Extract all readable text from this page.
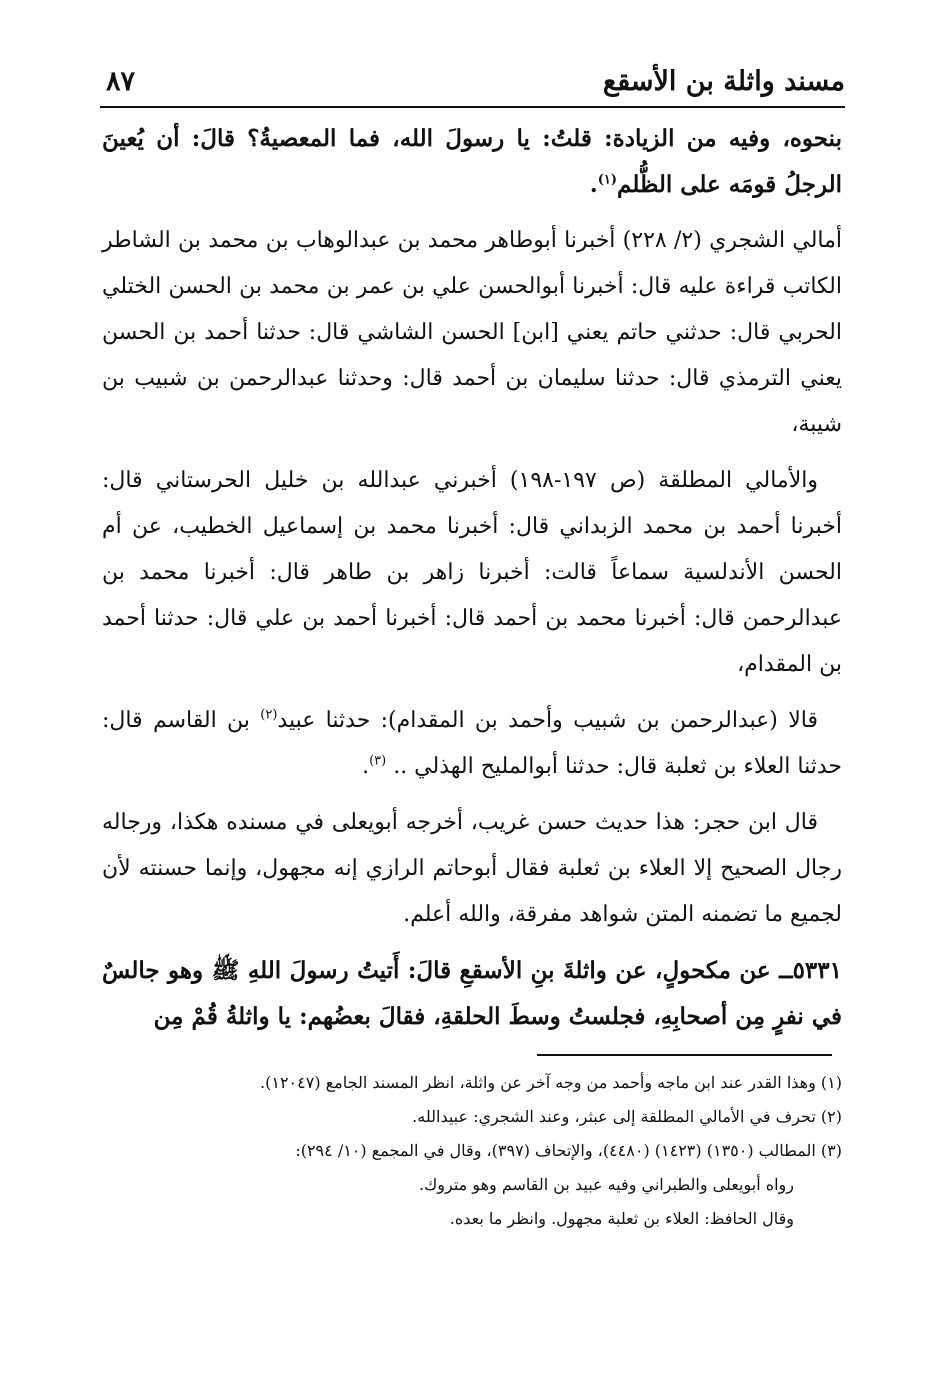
مسند واثلة بن الأسقع
٨٧

بنحوه، وفيه من الزيادة: قلتُ: يا رسولَ الله، فما المعصيةُ؟ قالَ: أن يُعينَ الرجلُ قومَه على الظُّلم$^{(١)}$.

أمالي الشجري (٢/ ٢٢٨) أخبرنا أبوطاهر محمد بن عبدالوهاب بن محمد بن الشاطر الكاتب قراءة عليه قال: أخبرنا أبوالحسن علي بن عمر بن محمد بن الحسن الختلي الحربي قال: حدثني حاتم يعني [ابن] الحسن الشاشي قال: حدثنا أحمد بن الحسن يعني الترمذي قال: حدثنا سليمان بن أحمد قال: وحدثنا عبدالرحمن بن شبيب بن شيبة،

والأمالي المطلقة (ص ١٩٧-١٩٨) أخبرني عبدالله بن خليل الحرستاني قال: أخبرنا أحمد بن محمد الزبداني قال: أخبرنا محمد بن إسماعيل الخطيب، عن أم الحسن الأندلسية سماعاً قالت: أخبرنا زاهر بن طاهر قال: أخبرنا محمد بن عبدالرحمن قال: أخبرنا محمد بن أحمد قال: أخبرنا أحمد بن علي قال: حدثنا أحمد بن المقدام،

قالا (عبدالرحمن بن شبيب وأحمد بن المقدام): حدثنا عبيد$^{(٢)}$ بن القاسم قال: حدثنا العلاء بن ثعلبة قال: حدثنا أبوالمليح الهذلي .. $^{(٣)}$.

قال ابن حجر: هذا حديث حسن غريب، أخرجه أبويعلى في مسنده هكذا، ورجاله رجال الصحيح إلا العلاء بن ثعلبة فقال أبوحاتم الرازي إنه مجهول، وإنما حسنته لأن لجميع ما تضمنه المتن شواهد مفرقة، والله أعلم.

٥٣٣١ــ عن مكحولٍ، عن واثلةَ بنِ الأسقعِ قالَ: أَتيتُ رسولَ اللهِ ﷺ وهو جالسٌ في نفرٍ مِن أصحابِهِ، فجلستُ وسطَ الحلقةِ، فقالَ بعضُهم: يا واثلةُ قُمْ مِن

(١) وهذا القدر عند ابن ماجه وأحمد من وجه آخر عن واثلة، انظر المسند الجامع (١٢٠٤٧).
(٢) تحرف في الأمالي المطلقة إلى عبثر، وعند الشجري: عبيدالله.
(٣) المطالب (١٣٥٠) (١٤٢٣) (٤٤٨٠)، والإتحاف (٣٩٧)، وقال في المجمع (١٠/ ٢٩٤):
رواه أبويعلى والطبراني وفيه عبيد بن القاسم وهو متروك.
وقال الحافظ: العلاء بن ثعلبة مجهول. وانظر ما بعده.
